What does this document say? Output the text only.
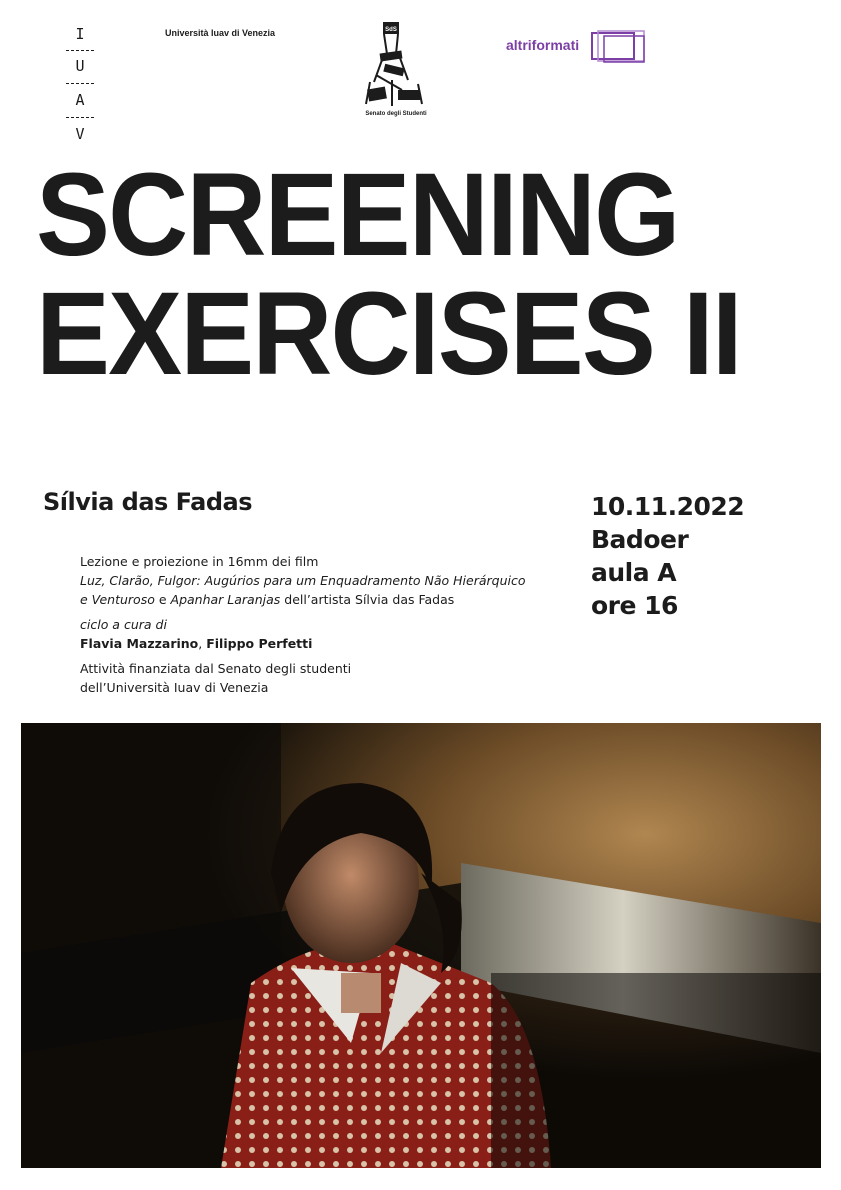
I
U
A
V
Università Iuav di Venezia	SdS
Senato degli Studenti
altriformati
SCREENING
EXERCISES II
Sílvia das Fadas
Lezione e proiezione in 16mm dei film
Luz, Clarão, Fulgor: Augúrios para um Enquadramento Não Hierárquico
e Venturoso e Apanhar Laranjas dell’artista Sílvia das Fadas
ciclo a cura di
Flavia Mazzarino, Filippo Perfetti
Attività finanziata dal Senato degli studenti
dell’Università Iuav di Venezia
10.11.2022
Badoer
aula A
ore 16
